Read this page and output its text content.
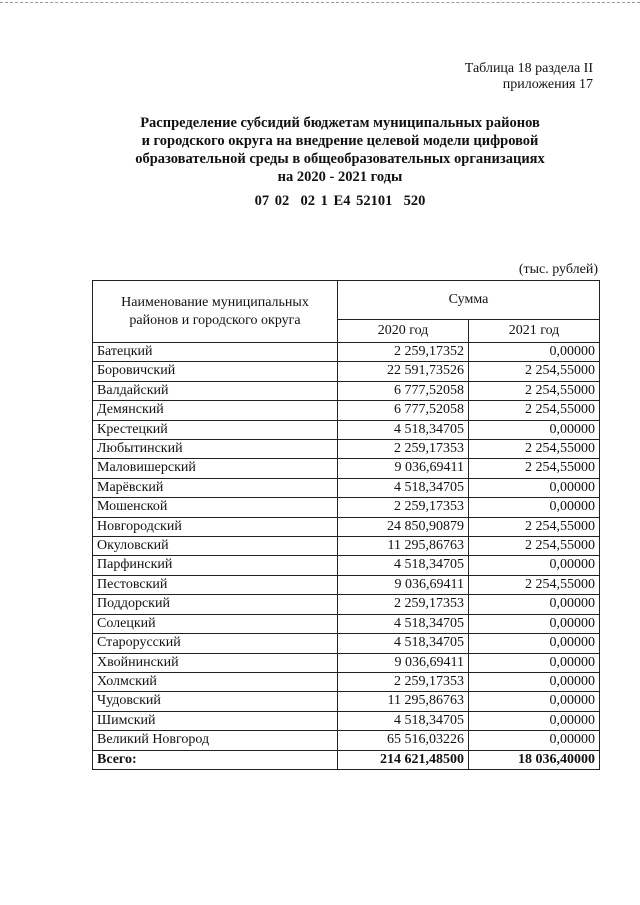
Таблица 18 раздела II
приложения 17
Распределение субсидий бюджетам муниципальных районов
и городского округа на внедрение целевой модели цифровой
образовательной среды в общеобразовательных организациях
на 2020 - 2021 годы
07 02  02 1 E4 52101  520
(тыс. рублей)
Наименование муниципальных районов и городского округа	Сумма	
	2020 год	2021 год
Батецкий	2 259,17352	0,00000
Боровичский	22 591,73526	2 254,55000
Валдайский	6 777,52058	2 254,55000
Демянский	6 777,52058	2 254,55000
Крестецкий	4 518,34705	0,00000
Любытинский	2 259,17353	2 254,55000
Маловишерский	9 036,69411	2 254,55000
Марёвский	4 518,34705	0,00000
Мошенской	2 259,17353	0,00000
Новгородский	24 850,90879	2 254,55000
Окуловский	11 295,86763	2 254,55000
Парфинский	4 518,34705	0,00000
Пестовский	9 036,69411	2 254,55000
Поддорский	2 259,17353	0,00000
Солецкий	4 518,34705	0,00000
Старорусский	4 518,34705	0,00000
Хвойнинский	9 036,69411	0,00000
Холмский	2 259,17353	0,00000
Чудовский	11 295,86763	0,00000
Шимский	4 518,34705	0,00000
Великий Новгород	65 516,03226	0,00000
Всего:	214 621,48500	18 036,40000
